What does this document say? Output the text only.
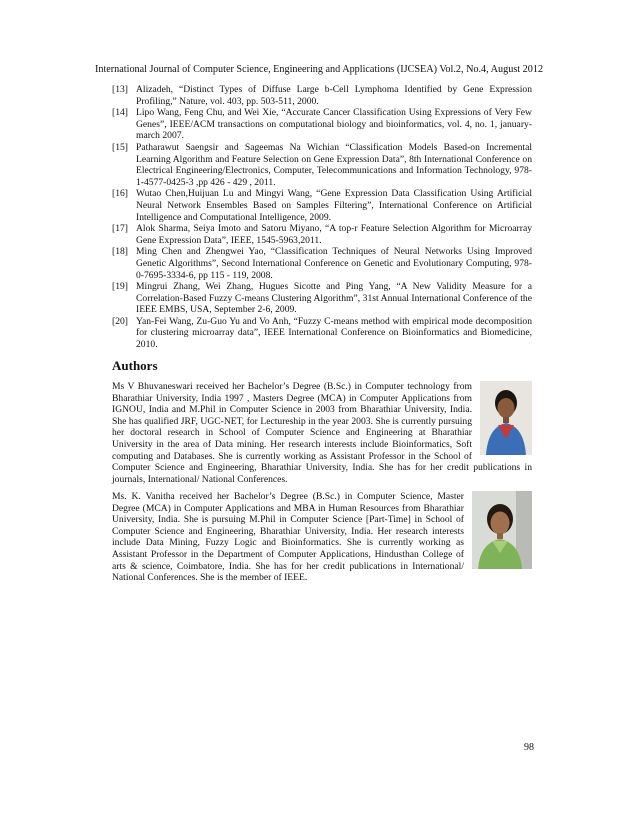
International Journal of Computer Science, Engineering and Applications (IJCSEA) Vol.2, No.4, August 2012
[13] Alizadeh, “Distinct Types of Diffuse Large b-Cell Lymphoma Identified by Gene Expression Profiling,” Nature, vol. 403, pp. 503-511, 2000.
[14] Lipo Wang, Feng Chu, and Wei Xie, “Accurate Cancer Classification Using Expressions of Very Few Genes”, IEEE/ACM transactions on computational biology and bioinformatics, vol. 4, no. 1, january-march 2007.
[15] Patharawut Saengsir and Sageemas Na Wichian “Classification Models Based-on Incremental Learning Algorithm and Feature Selection on Gene Expression Data”, 8th International Conference on Electrical Engineering/Electronics, Computer, Telecommunications and Information Technology, 978-1-4577-0425-3 ,pp 426 - 429 , 2011.
[16] Wutao Chen,Huijuan Lu and Mingyi Wang, “Gene Expression Data Classification Using Artificial Neural Network Ensembles Based on Samples Filtering”, International Conference on Artificial Intelligence and Computational Intelligence, 2009.
[17] Alok Sharma, Seiya Imoto and Satoru Miyano, “A top-r Feature Selection Algorithm for Microarray Gene Expression Data”, IEEE, 1545-5963,2011.
[18] Ming Chen and Zhengwei Yao, “Classification Techniques of Neural Networks Using Improved Genetic Algorithms”, Second International Conference on Genetic and Evolutionary Computing, 978-0-7695-3334-6, pp 115 - 119, 2008.
[19] Mingrui Zhang, Wei Zhang, Hugues Sicotte and Ping Yang, “A New Validity Measure for a Correlation-Based Fuzzy C-means Clustering Algorithm”, 31st Annual International Conference of the IEEE EMBS, USA, September 2-6, 2009.
[20] Yan-Fei Wang, Zu-Guo Yu and Vo Anh, “Fuzzy C-means method with empirical mode decomposition for clustering microarray data”, IEEE International Conference on Bioinformatics and Biomedicine, 2010.
Authors
Ms V Bhuvaneswari received her Bachelor’s Degree (B.Sc.) in Computer technology from Bharathiar University, India 1997 , Masters Degree (MCA) in Computer Applications from IGNOU, India and M.Phil in Computer Science in 2003 from Bharathiar University, India. She has qualified JRF, UGC-NET, for Lectureship in the year 2003. She is currently pursuing her doctoral research in School of Computer Science and Engineering at Bharathiar University in the area of Data mining. Her research interests include Bioinformatics, Soft computing and Databases. She is currently working as Assistant Professor in the School of Computer Science and Engineering, Bharathiar University, India. She has for her credit publications in journals, International/ National Conferences.
Ms. K. Vanitha received her Bachelor’s Degree (B.Sc.) in Computer Science, Master Degree (MCA) in Computer Applications and MBA in Human Resources from Bharathiar University, India. She is pursuing M.Phil in Computer Science [Part-Time] in School of Computer Science and Engineering, Bharathiar University, India. Her research interests include Data Mining, Fuzzy Logic and Bioinformatics. She is currently working as Assistant Professor in the Department of Computer Applications, Hindusthan College of arts & science, Coimbatore, India. She has for her credit publications in International/ National Conferences. She is the member of IEEE.
98
